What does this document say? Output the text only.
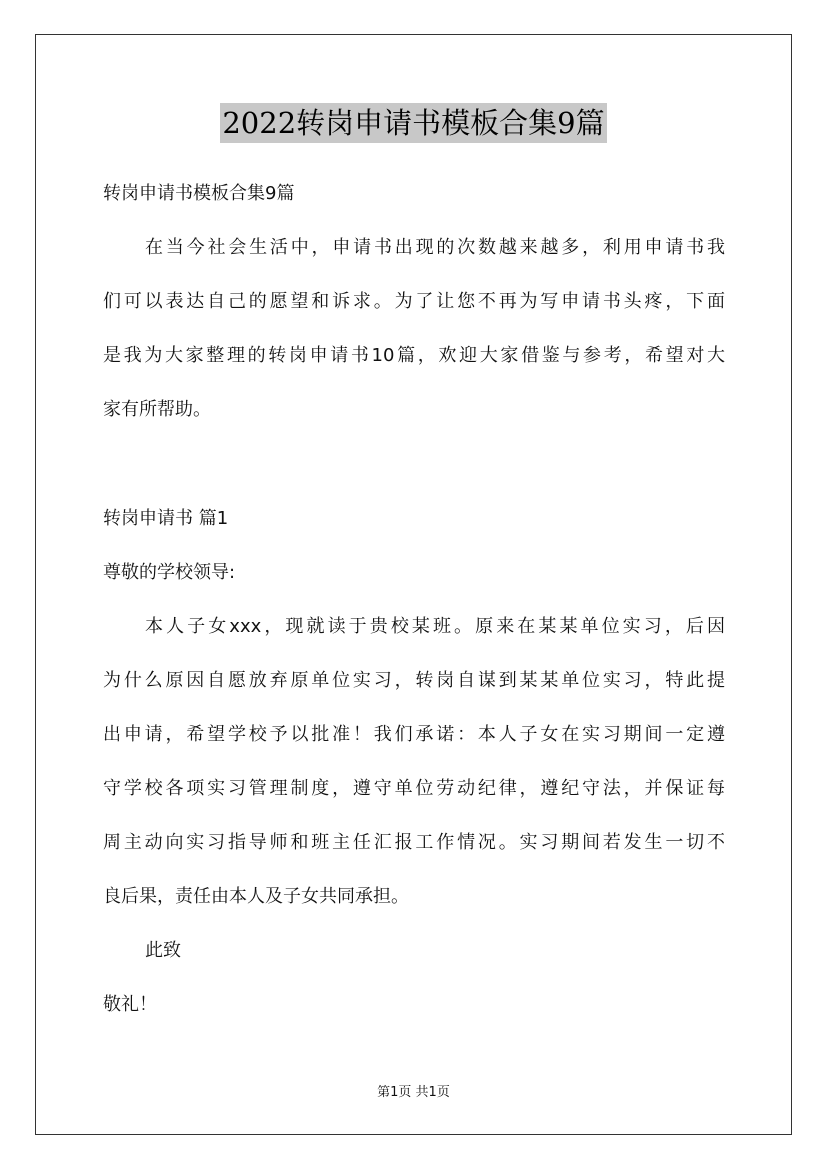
2022转岗申请书模板合集9篇
转岗申请书模板合集9篇
在当今社会生活中，申请书出现的次数越来越多，利用申请书我
们可以表达自己的愿望和诉求。为了让您不再为写申请书头疼，下面
是我为大家整理的转岗申请书10篇，欢迎大家借鉴与参考，希望对大
家有所帮助。
转岗申请书 篇1
尊敬的学校领导:
本人子女xxx，现就读于贵校某班。原来在某某单位实习，后因
为什么原因自愿放弃原单位实习，转岗自谋到某某单位实习，特此提
出申请，希望学校予以批准！我们承诺：本人子女在实习期间一定遵
守学校各项实习管理制度，遵守单位劳动纪律，遵纪守法，并保证每
周主动向实习指导师和班主任汇报工作情况。实习期间若发生一切不
良后果，责任由本人及子女共同承担。
此致
敬礼！
第1页 共1页
